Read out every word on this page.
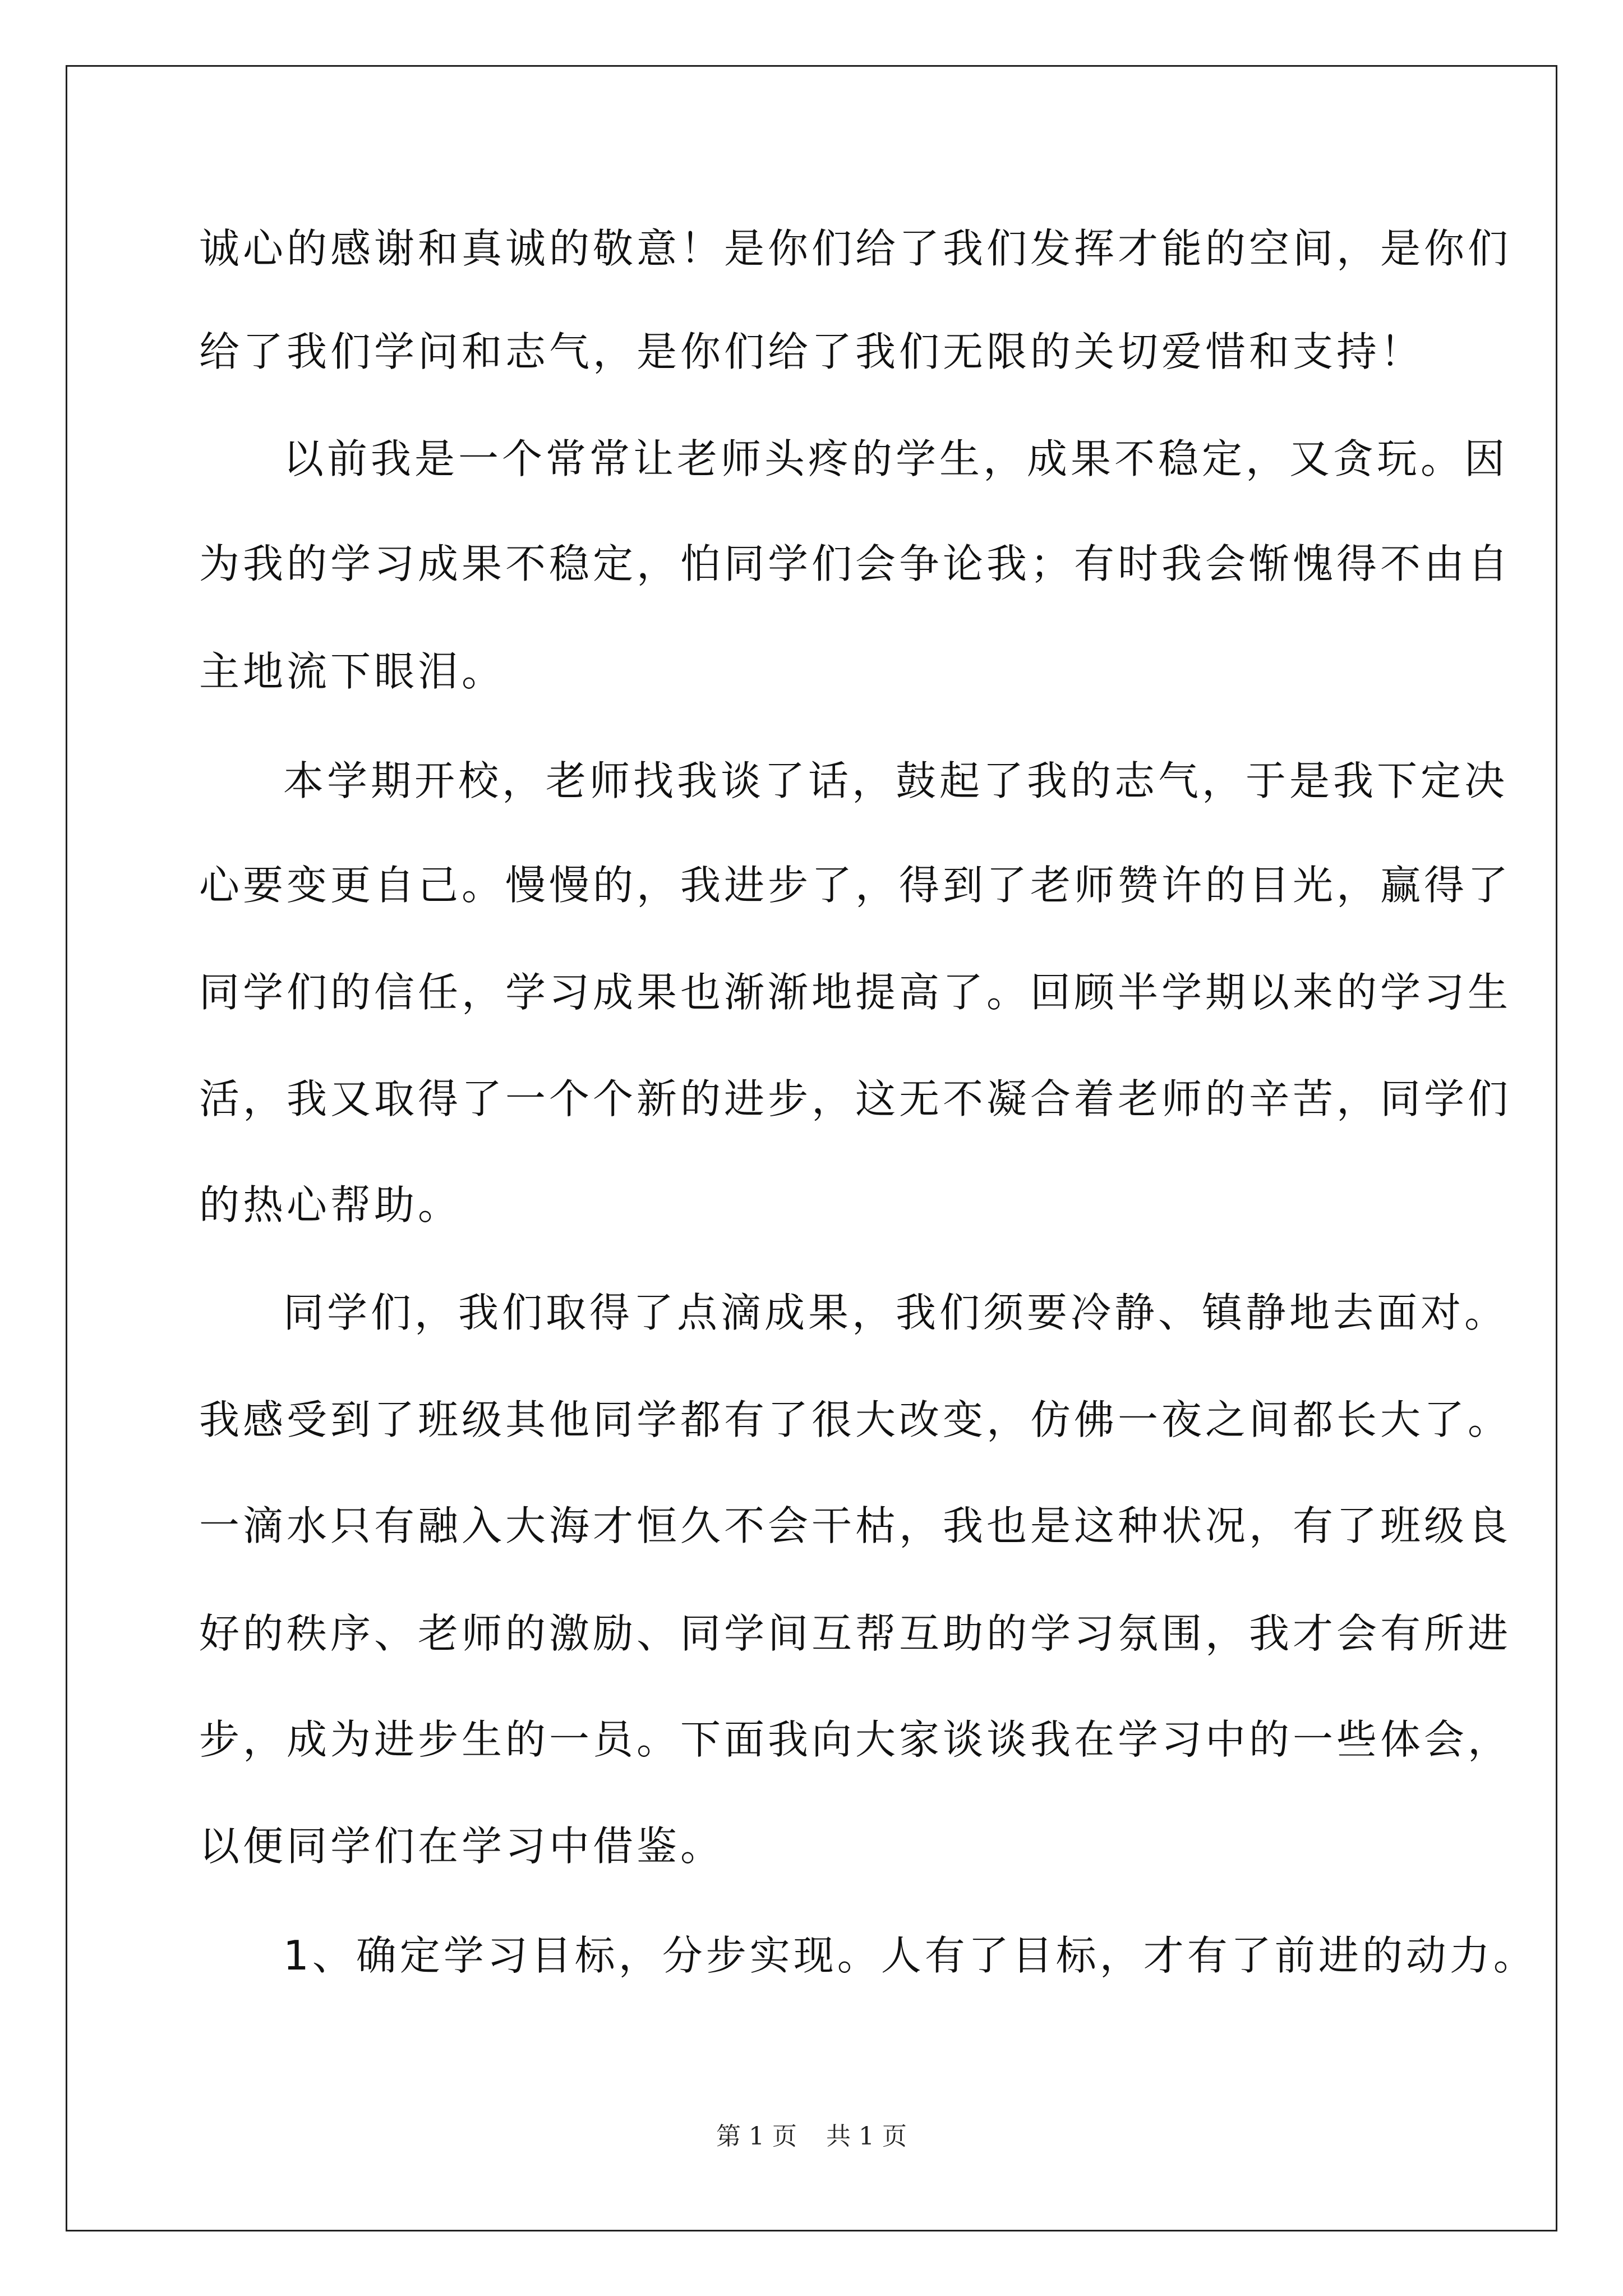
诚心的感谢和真诚的敬意！是你们给了我们发挥才能的空间，是你们

给了我们学问和志气，是你们给了我们无限的关切爱惜和支持！

以前我是一个常常让老师头疼的学生，成果不稳定，又贪玩。因

为我的学习成果不稳定，怕同学们会争论我；有时我会惭愧得不由自

主地流下眼泪。

本学期开校，老师找我谈了话，鼓起了我的志气，于是我下定决

心要变更自己。慢慢的，我进步了，得到了老师赞许的目光，赢得了

同学们的信任，学习成果也渐渐地提高了。回顾半学期以来的学习生

活，我又取得了一个个新的进步，这无不凝合着老师的辛苦，同学们

的热心帮助。

同学们，我们取得了点滴成果，我们须要冷静、镇静地去面对。

我感受到了班级其他同学都有了很大改变，仿佛一夜之间都长大了。

一滴水只有融入大海才恒久不会干枯，我也是这种状况，有了班级良

好的秩序、老师的激励、同学间互帮互助的学习氛围，我才会有所进

步，成为进步生的一员。下面我向大家谈谈我在学习中的一些体会，

以便同学们在学习中借鉴。

1、确定学习目标，分步实现。人有了目标，才有了前进的动力。

第 1 页 共 1 页
